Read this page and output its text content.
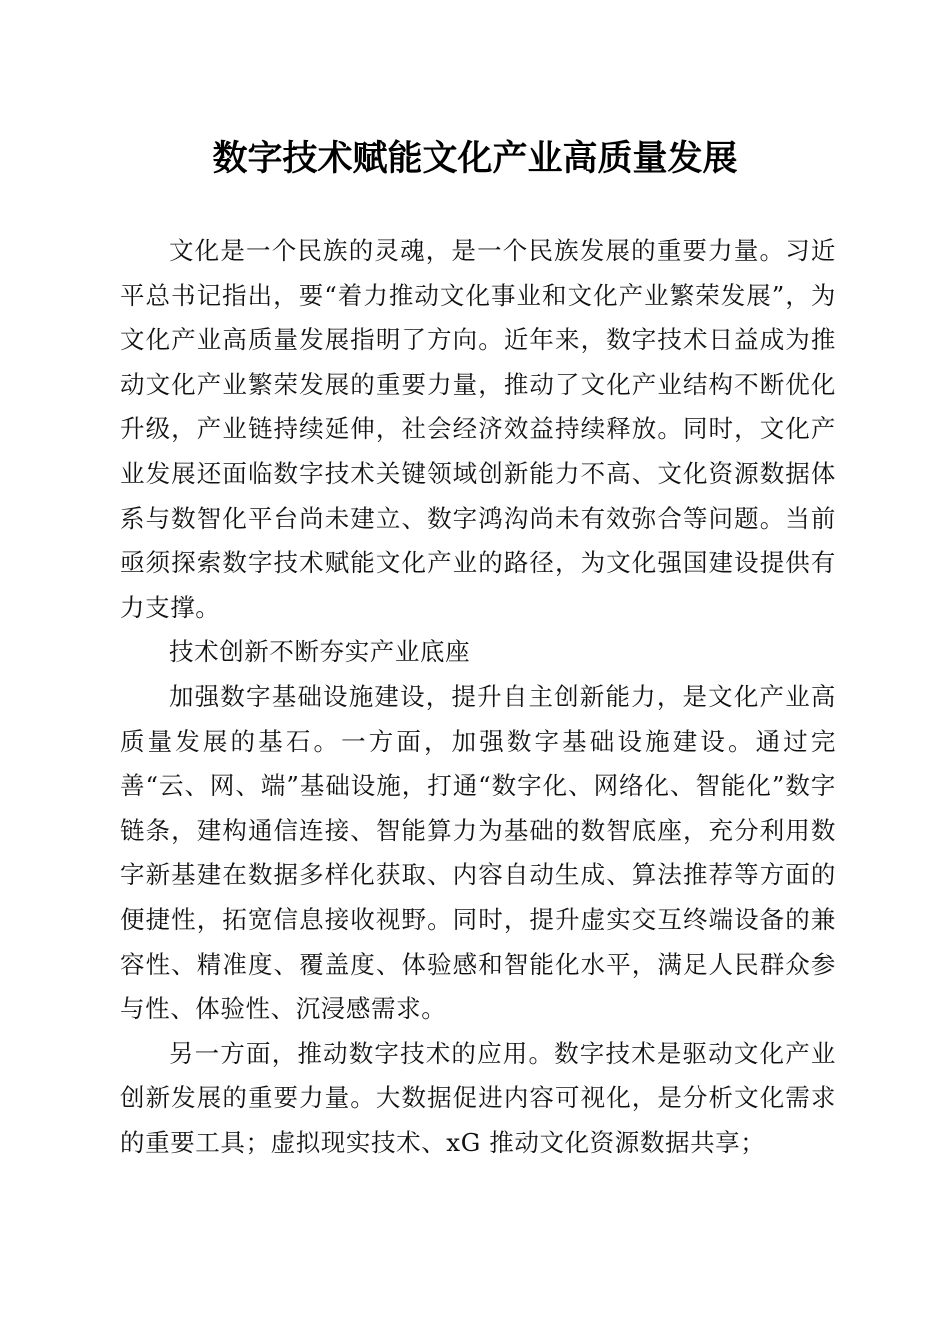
数字技术赋能文化产业高质量发展

文化是一个民族的灵魂，是一个民族发展的重要力量。习近平总书记指出，要“着力推动文化事业和文化产业繁荣发展”，为文化产业高质量发展指明了方向。近年来，数字技术日益成为推动文化产业繁荣发展的重要力量，推动了文化产业结构不断优化升级，产业链持续延伸，社会经济效益持续释放。同时，文化产业发展还面临数字技术关键领域创新能力不高、文化资源数据体系与数智化平台尚未建立、数字鸿沟尚未有效弥合等问题。当前亟须探索数字技术赋能文化产业的路径，为文化强国建设提供有力支撑。

技术创新不断夯实产业底座

加强数字基础设施建设，提升自主创新能力，是文化产业高质量发展的基石。一方面，加强数字基础设施建设。通过完善“云、网、端”基础设施，打通“数字化、网络化、智能化”数字链条，建构通信连接、智能算力为基础的数智底座，充分利用数字新基建在数据多样化获取、内容自动生成、算法推荐等方面的便捷性，拓宽信息接收视野。同时，提升虚实交互终端设备的兼容性、精准度、覆盖度、体验感和智能化水平，满足人民群众参与性、体验性、沉浸感需求。

另一方面，推动数字技术的应用。数字技术是驱动文化产业创新发展的重要力量。大数据促进内容可视化，是分析文化需求的重要工具；虚拟现实技术、xG 推动文化资源数据共享；
